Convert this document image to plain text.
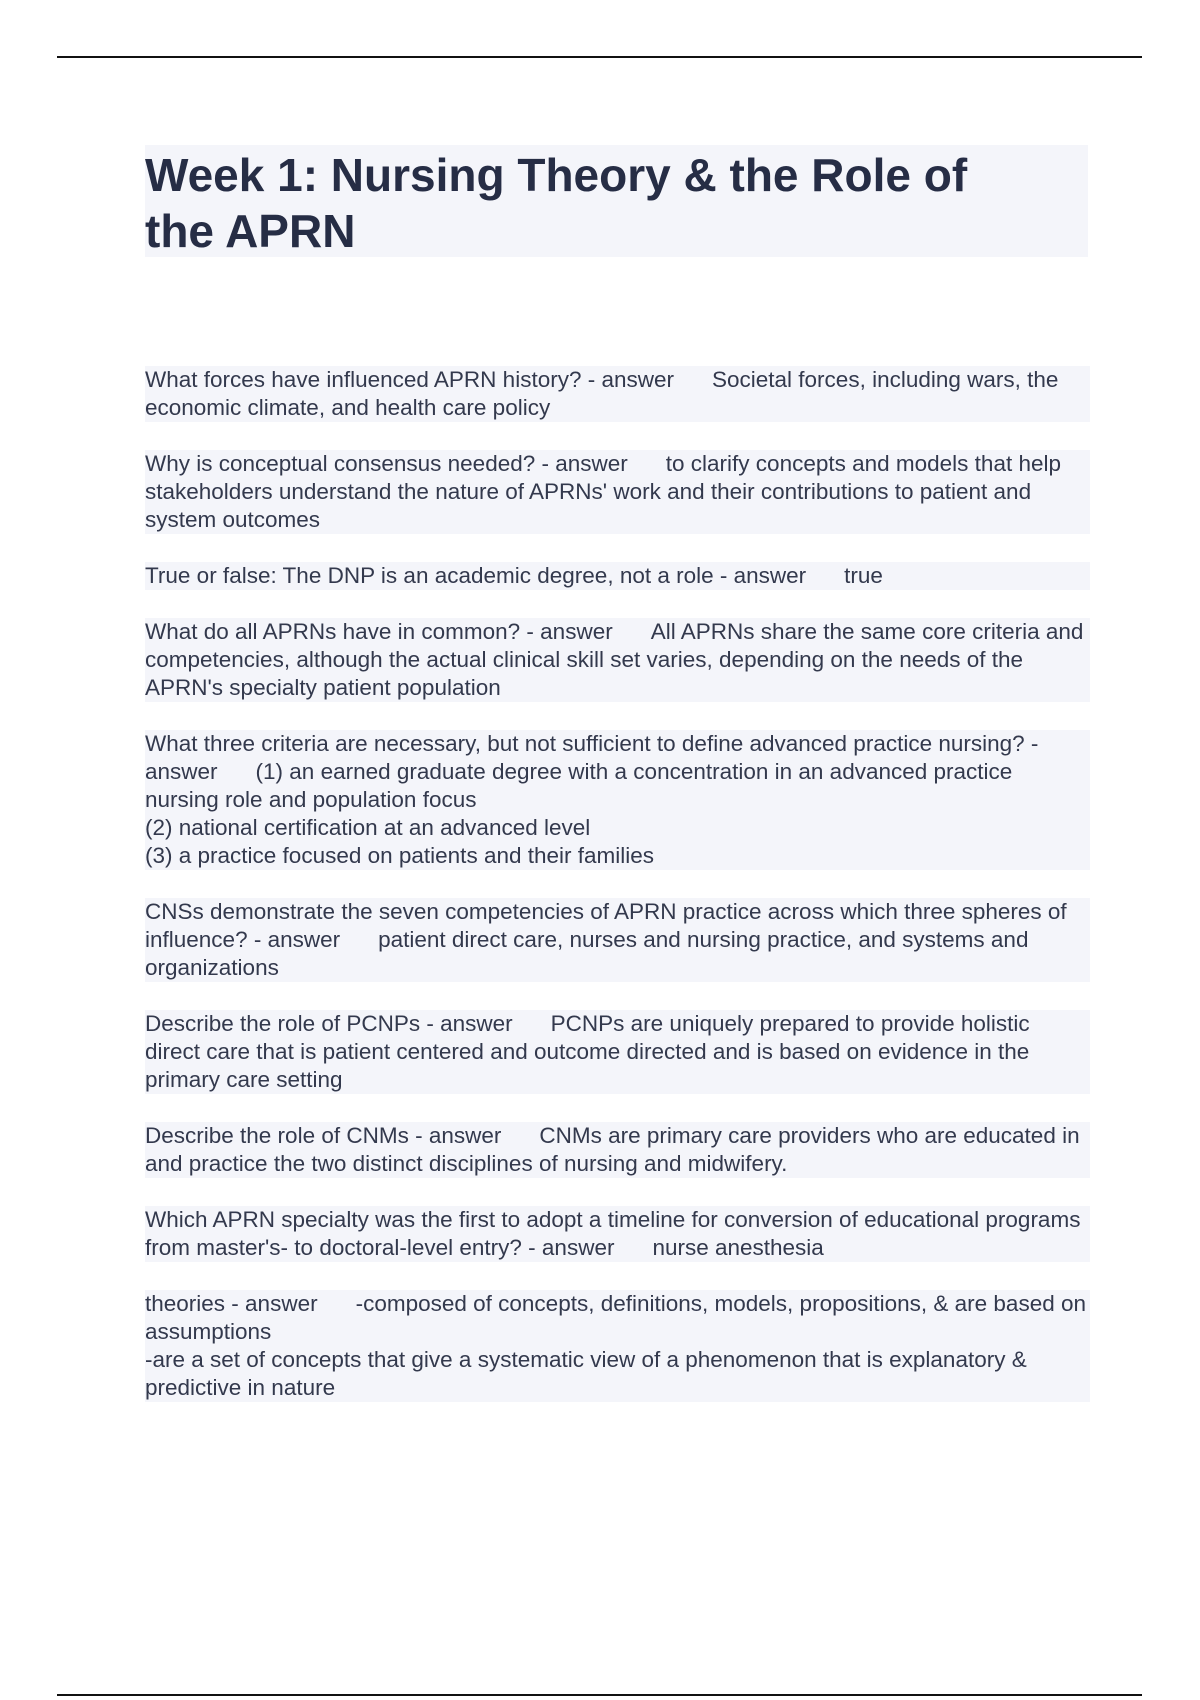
Week 1: Nursing Theory & the Role of the APRN
What forces have influenced APRN history? - answer Societal forces, including wars, the economic climate, and health care policy
Why is conceptual consensus needed? - answer to clarify concepts and models that help stakeholders understand the nature of APRNs' work and their contributions to patient and system outcomes
True or false: The DNP is an academic degree, not a role - answer true
What do all APRNs have in common? - answer All APRNs share the same core criteria and competencies, although the actual clinical skill set varies, depending on the needs of the APRN's specialty patient population
What three criteria are necessary, but not sufficient to define advanced practice nursing? - answer (1) an earned graduate degree with a concentration in an advanced practice nursing role and population focus
(2) national certification at an advanced level
(3) a practice focused on patients and their families
CNSs demonstrate the seven competencies of APRN practice across which three spheres of influence? - answer patient direct care, nurses and nursing practice, and systems and organizations
Describe the role of PCNPs - answer PCNPs are uniquely prepared to provide holistic direct care that is patient centered and outcome directed and is based on evidence in the primary care setting
Describe the role of CNMs - answer CNMs are primary care providers who are educated in and practice the two distinct disciplines of nursing and midwifery.
Which APRN specialty was the first to adopt a timeline for conversion of educational programs from master's- to doctoral-level entry? - answer nurse anesthesia
theories - answer -composed of concepts, definitions, models, propositions, & are based on assumptions
-are a set of concepts that give a systematic view of a phenomenon that is explanatory & predictive in nature
